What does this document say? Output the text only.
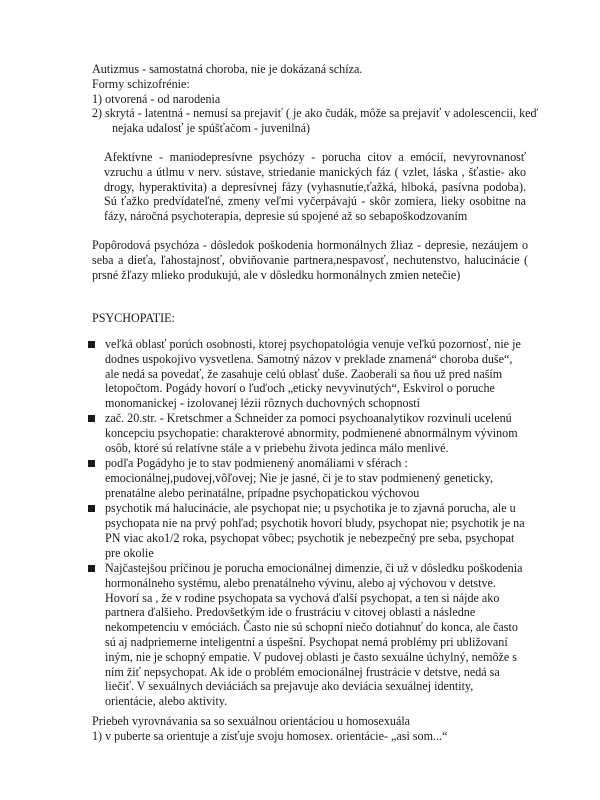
Autizmus - samostatná choroba, nie je dokázaná schíza.
Formy schizofrénie:
1) otvorená - od narodenia
2) skrytá - latentná - nemusí sa prejaviť ( je ako čudák, môže sa prejaviť v adolescencii, keď nejaka udalosť je spúšťačom - juvenilná)

Afektívne - maniodepresívne psychózy - porucha citov a emócií, nevyrovnanosť vzruchu a útlmu v nerv. sústave, striedanie manických fáz ( vzlet, láska , šťastie- ako drogy, hyperaktivita) a depresívnej fázy (vyhasnutie,ťažká, hlboká, pasívna podoba). Sú ťažko predvídateľné, zmeny veľmi vyčerpávajú - skôr zomiera, lieky osobitne na fázy, náročná psychoterapia, depresie sú spojené až so sebapoškodzovaním

Popôrodová psychóza - dôsledok poškodenia hormonálnych žliaz - depresie, nezáujem o seba a dieťa, ľahostajnosť, obviňovanie partnera,nespavosť, nechutenstvo, halucinácie ( prsné žľazy mlieko produkujú, ale v dôsledku hormonálnych zmien netečie)

PSYCHOPATIE:

veľká oblasť porúch osobnosti, ktorej psychopatológia venuje veľkú pozornosť, nie je dodnes uspokojivo vysvetlena. Samotný názov v preklade znamená“ choroba duše“, ale nedá sa povedať, že zasahuje celú oblasť duše. Zaoberali sa ňou už pred naším letopočtom. Pogády hovorí o ľuďoch „eticky nevyvinutých“, Eskvirol o poruche monomanickej - izolovanej lézii rôznych duchovných schopností
zač. 20.str. - Kretschmer a Schneider za pomoci psychoanalytikov rozvinuli ucelenú koncepciu psychopatie: charakterové abnormity, podmienené abnormálnym vývinom osôb, ktoré sú relatívne stále a v priebehu života jedinca málo menlivé.
podľa Pogádyho je to stav podmienený anomáliami v sférach : emocionálnej,pudovej,vôľovej; Nie je jasné, či je to stav podmienený geneticky, prenatálne alebo perinatálne, prípadne psychopatickou výchovou
psychotik má halucinácie, ale psychopat nie; u psychotika je to zjavná porucha, ale u psychopata nie na prvý pohľad; psychotik hovorí bludy, psychopat nie; psychotik je na PN viac ako1/2 roka, psychopat vôbec; psychotik je nebezpečný pre seba, psychopat pre okolie
Najčastejšou príčinou je porucha emocionálnej dimenzie, či už v dôsledku poškodenia hormonálneho systému, alebo prenatálneho vývinu, alebo aj výchovou v detstve. Hovorí sa , že v rodine psychopata sa vychová ďalší psychopat, a ten si nájde ako partnera ďalšieho. Predovšetkým ide o frustráciu v citovej oblasti a následne nekompetenciu v emóciách. Často nie sú schopní niečo dotiahnuť do konca, ale často sú aj nadpriemerne inteligentní a úspešní. Psychopat nemá problémy pri ubližovaní iným, nie je schopný empatie. V pudovej oblasti je často sexuálne úchylný, nemôže s ním žiť nepsychopat. Ak ide o problém emocionálnej frustrácie v detstve, nedá sa liečiť. V sexuálnych deviáciách sa prejavuje ako deviácia sexuálnej identity, orientácie, alebo aktivity.
Priebeh vyrovnávania sa so sexuálnou orientáciou u homosexuála
1) v puberte sa orientuje a zisťuje svoju homosex. orientácie- „asi som...“
